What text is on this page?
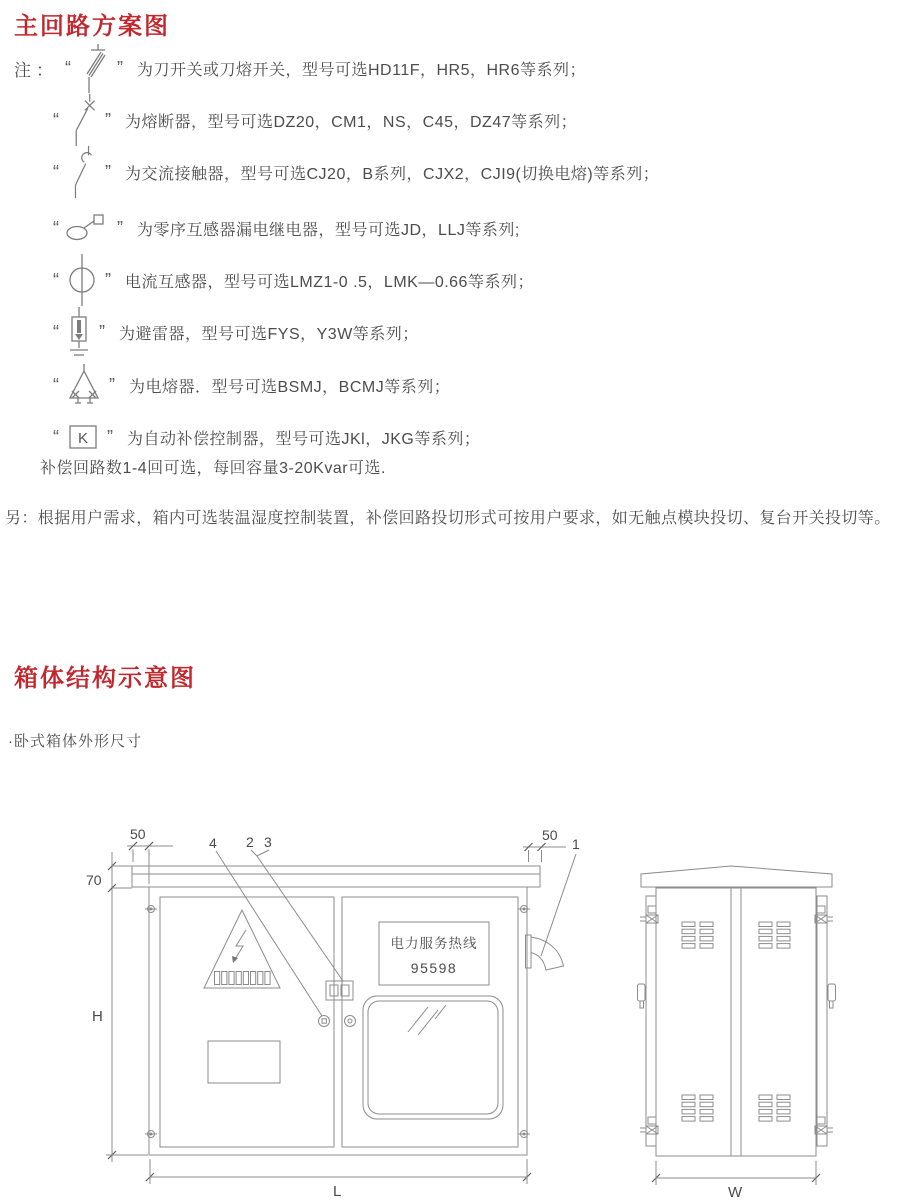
主回路方案图
注： “	” 为刀开关或刀熔开关，型号可选HD11F，HR5，HR6等系列；
“	” 为熔断器，型号可选DZ20，CM1，NS，C45，DZ47等系列；
“	” 为交流接触器，型号可选CJ20，B系列，CJX2，CJI9(切换电熔)等系列；
“	” 为零序互感器漏电继电器，型号可选JD，LLJ等系列;
“	” 电流互感器，型号可选LMZ1-0 .5，LMK—0.66等系列；
“ ” 为避雷器，型号可选FYS，Y3W等系列；
“	” 为电熔器．型号可选BSMJ，BCMJ等系列；
“ K ” 为自动补偿控制器，型号可选JKl，JKG等系列；
补偿回路数1-4回可选，每回容量3-20Kvar可选.
另：根据用户需求，箱内可选装温湿度控制装置，补偿回路投切形式可按用户要求，如无触点模块投切、复台开关投切等。
箱体结构示意图
·卧式箱体外形尺寸
电力服务热线
95598
4 2 3	1
50	50
70
H
L	W
